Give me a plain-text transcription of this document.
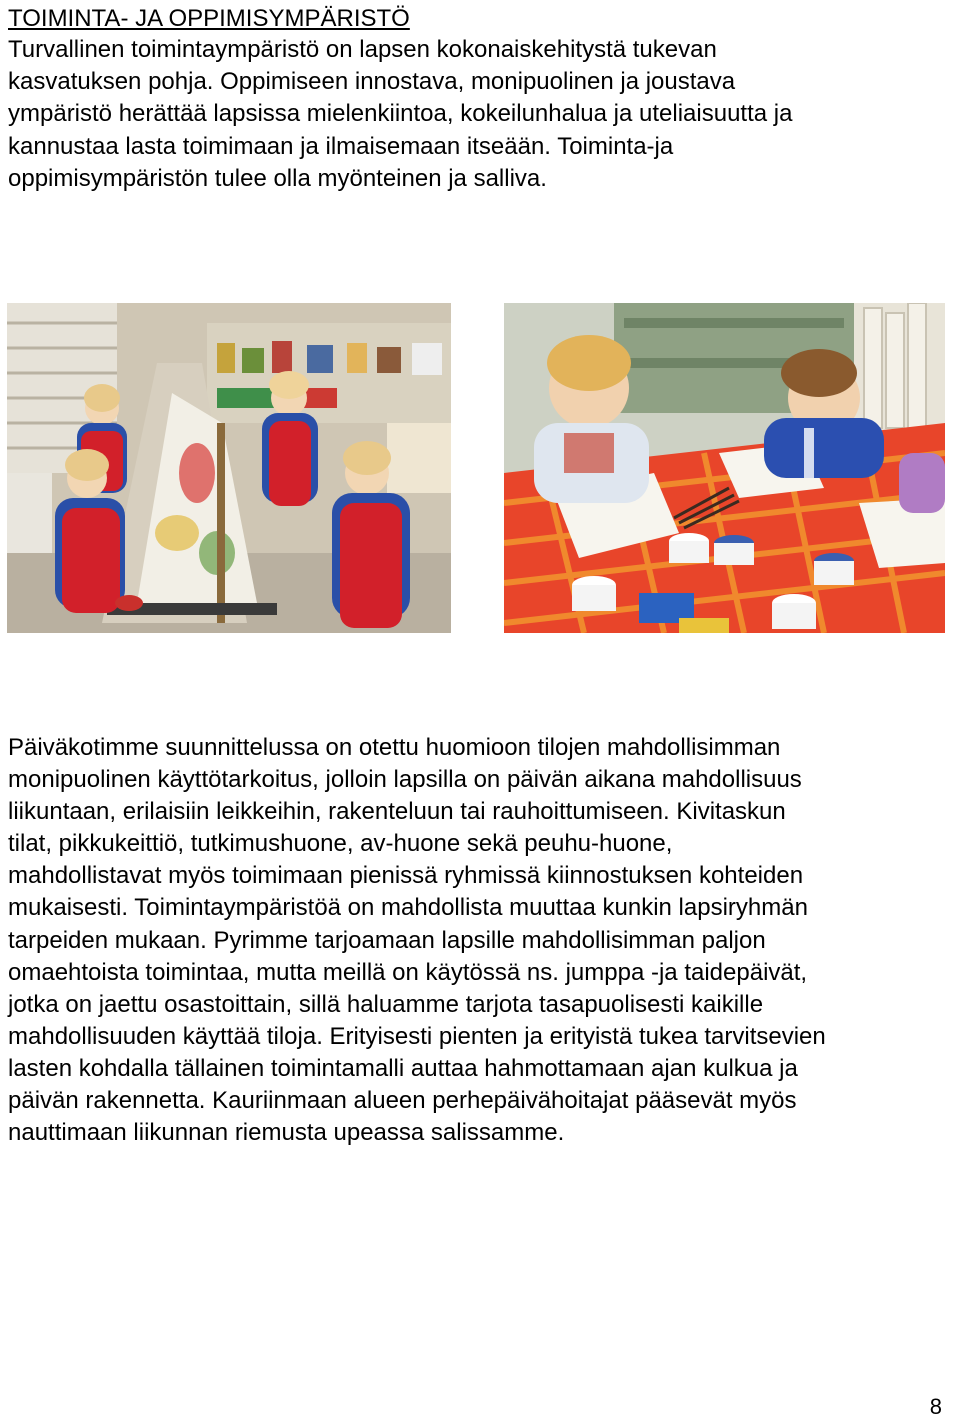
TOIMINTA- JA OPPIMISYMPÄRISTÖ
Turvallinen toimintaympäristö on lapsen kokonaiskehitystä tukevan
kasvatuksen pohja. Oppimiseen innostava, monipuolinen ja joustava
ympäristö herättää lapsissa mielenkiintoa, kokeilunhalua ja uteliaisuutta ja
kannustaa lasta toimimaan ja ilmaisemaan itseään. Toiminta-ja
oppimisympäristön tulee olla myönteinen ja salliva.
Päiväkotimme suunnittelussa on otettu huomioon tilojen mahdollisimman
monipuolinen käyttötarkoitus, jolloin lapsilla on päivän aikana mahdollisuus
liikuntaan, erilaisiin leikkeihin, rakenteluun tai rauhoittumiseen. Kivitaskun
tilat, pikkukeittiö, tutkimushuone, av-huone sekä peuhu-huone,
mahdollistavat myös toimimaan pienissä ryhmissä kiinnostuksen kohteiden
mukaisesti. Toimintaympäristöä on mahdollista muuttaa kunkin lapsiryhmän
tarpeiden mukaan. Pyrimme tarjoamaan lapsille mahdollisimman paljon
omaehtoista toimintaa, mutta meillä on käytössä ns. jumppa -ja taidepäivät,
jotka on jaettu osastoittain, sillä haluamme tarjota tasapuolisesti kaikille
mahdollisuuden käyttää tiloja. Erityisesti pienten ja erityistä tukea tarvitsevien
lasten kohdalla tällainen toimintamalli auttaa hahmottamaan ajan kulkua ja
päivän rakennetta. Kauriinmaan alueen perhepäivähoitajat pääsevät myös
nauttimaan liikunnan riemusta upeassa salissamme.
8
